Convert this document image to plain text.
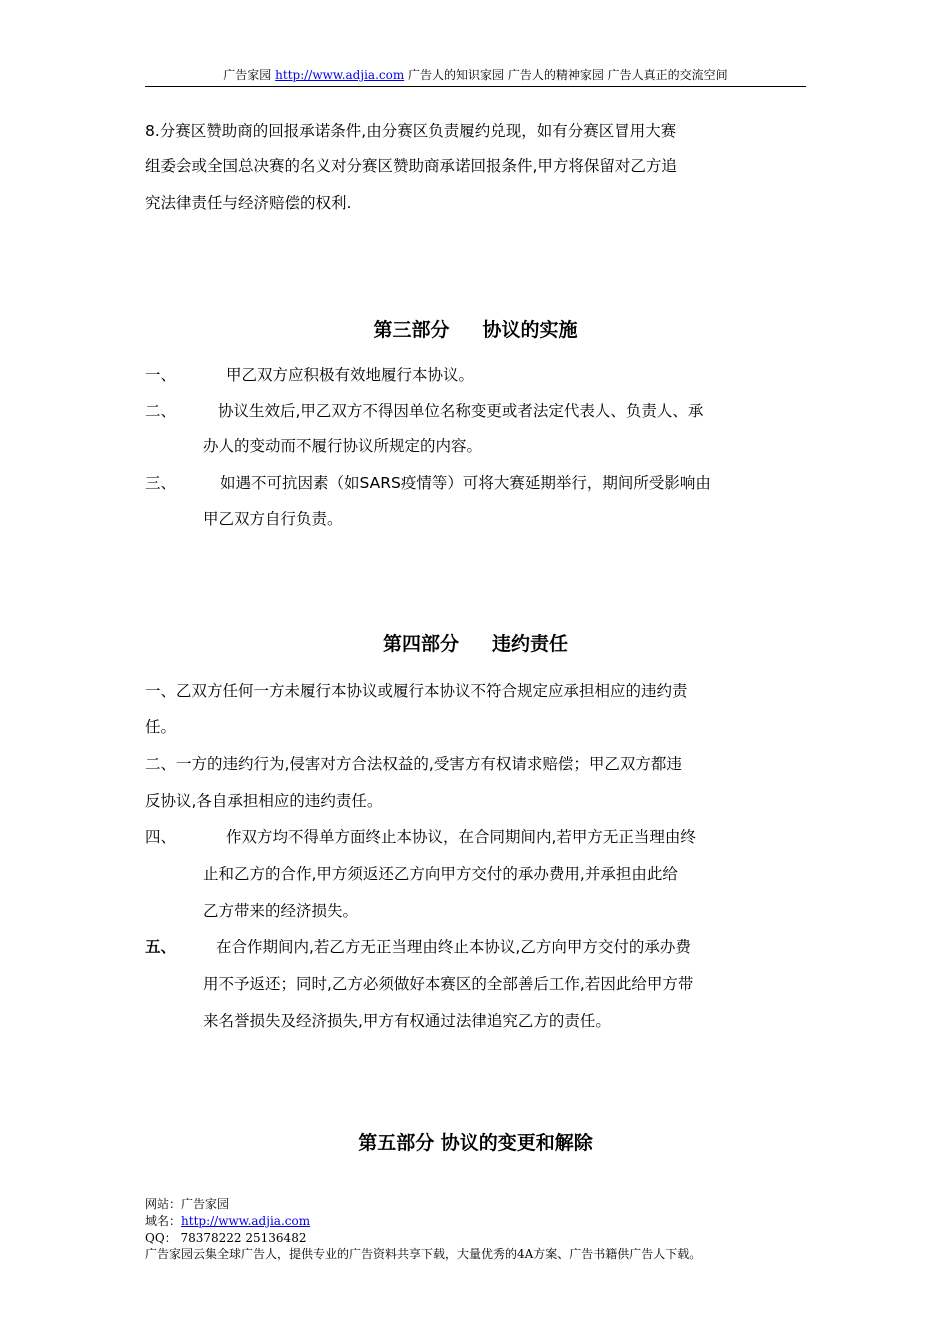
广告家园 http://www.adjia.com 广告人的知识家园 广告人的精神家园 广告人真正的交流空间
8.分赛区赞助商的回报承诺条件,由分赛区负责履约兑现，如有分赛区冒用大赛
组委会或全国总决赛的名义对分赛区赞助商承诺回报条件,甲方将保留对乙方追
究法律责任与经济赔偿的权利.
第三部分     协议的实施
一、	甲乙双方应积极有效地履行本协议。
二、	协议生效后,甲乙双方不得因单位名称变更或者法定代表人、负责人、承
办人的变动而不履行协议所规定的内容。
三、	如遇不可抗因素（如SARS疫情等）可将大赛延期举行，期间所受影响由
甲乙双方自行负责。
第四部分     违约责任
一、乙双方任何一方未履行本协议或履行本协议不符合规定应承担相应的违约责
任。
二、一方的违约行为,侵害对方合法权益的,受害方有权请求赔偿；甲乙双方都违
反协议,各自承担相应的违约责任。
四、	作双方均不得单方面终止本协议，在合同期间内,若甲方无正当理由终
止和乙方的合作,甲方须返还乙方向甲方交付的承办费用,并承担由此给
乙方带来的经济损失。
五、	在合作期间内,若乙方无正当理由终止本协议,乙方向甲方交付的承办费
用不予返还；同时,乙方必须做好本赛区的全部善后工作,若因此给甲方带
来名誉损失及经济损失,甲方有权通过法律追究乙方的责任。
第五部分 协议的变更和解除
网站：广告家园
域名：http://www.adjia.com
QQ： 78378222 25136482
广告家园云集全球广告人，提供专业的广告资料共享下载，大量优秀的4A方案、广告书籍供广告人下载。
